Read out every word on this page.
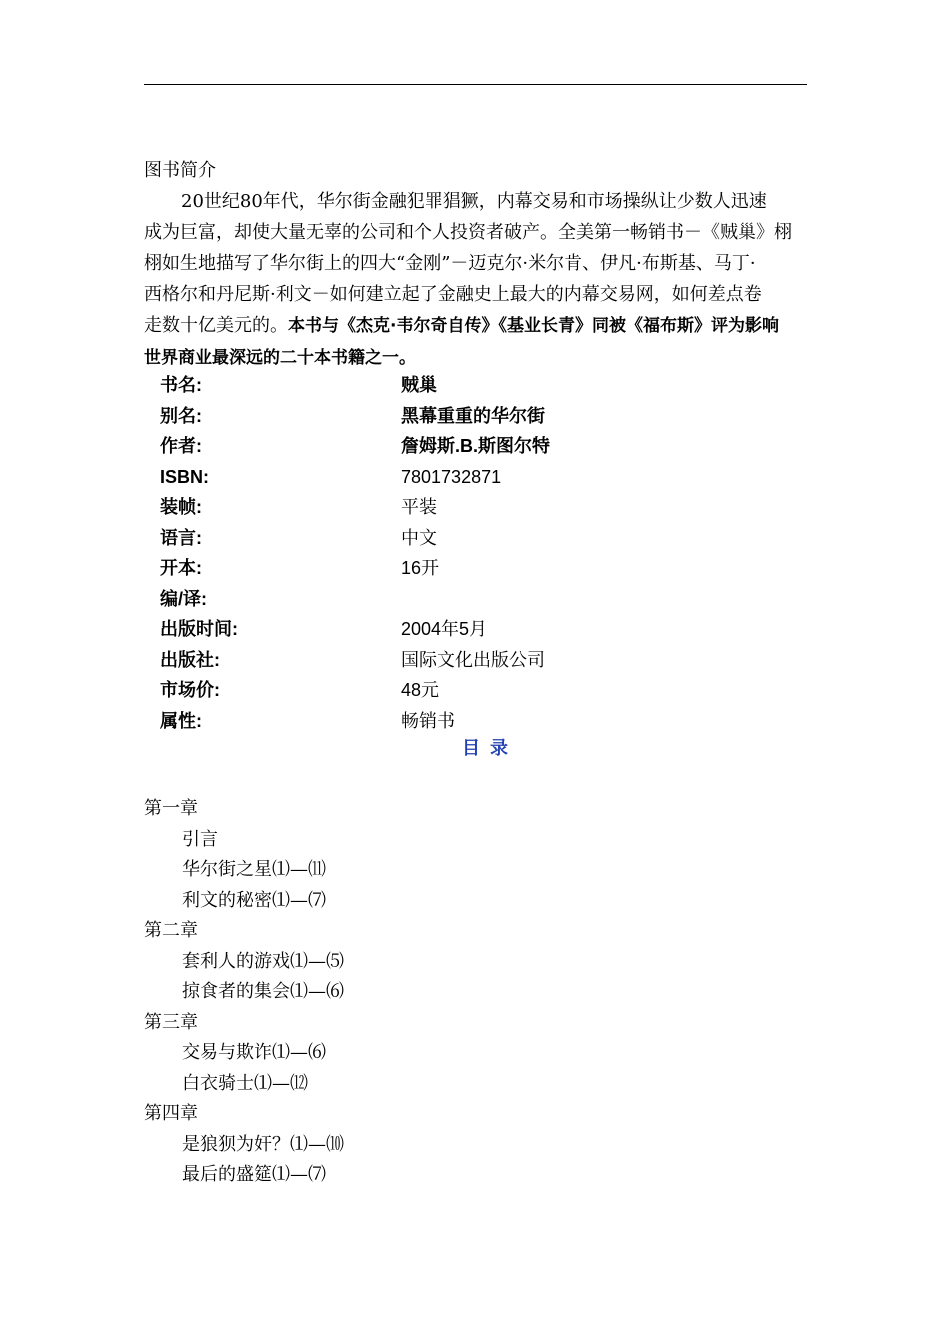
图书简介
20世纪80年代，华尔街金融犯罪猖獗，内幕交易和市场操纵让少数人迅速
成为巨富，却使大量无辜的公司和个人投资者破产。全美第一畅销书－《贼巢》栩
栩如生地描写了华尔街上的四大“金刚”－迈克尔·米尔肯、伊凡·布斯基、马丁·
西格尔和丹尼斯·利文－如何建立起了金融史上最大的内幕交易网，如何差点卷
走数十亿美元的。本书与《杰克·韦尔奇自传》《基业长青》同被《福布斯》评为影响
世界商业最深远的二十本书籍之一。
书名:	贼巢
别名:	黑幕重重的华尔街
作者:	詹姆斯.B.斯图尔特
ISBN:	7801732871
装帧:	平装
语言:	中文
开本:	16开
编/译:
出版时间:	2004年5月
出版社:	国际文化出版公司
市场价:	48元
属性:	畅销书
目录
第一章
引言
华尔街之星⑴—⑾
利文的秘密⑴—⑺
第二章
套利人的游戏⑴—⑸
掠食者的集会⑴—⑹
第三章
交易与欺诈⑴—⑹
白衣骑士⑴—⑿
第四章
是狼狈为奸？⑴—⑽
最后的盛筵⑴—⑺
